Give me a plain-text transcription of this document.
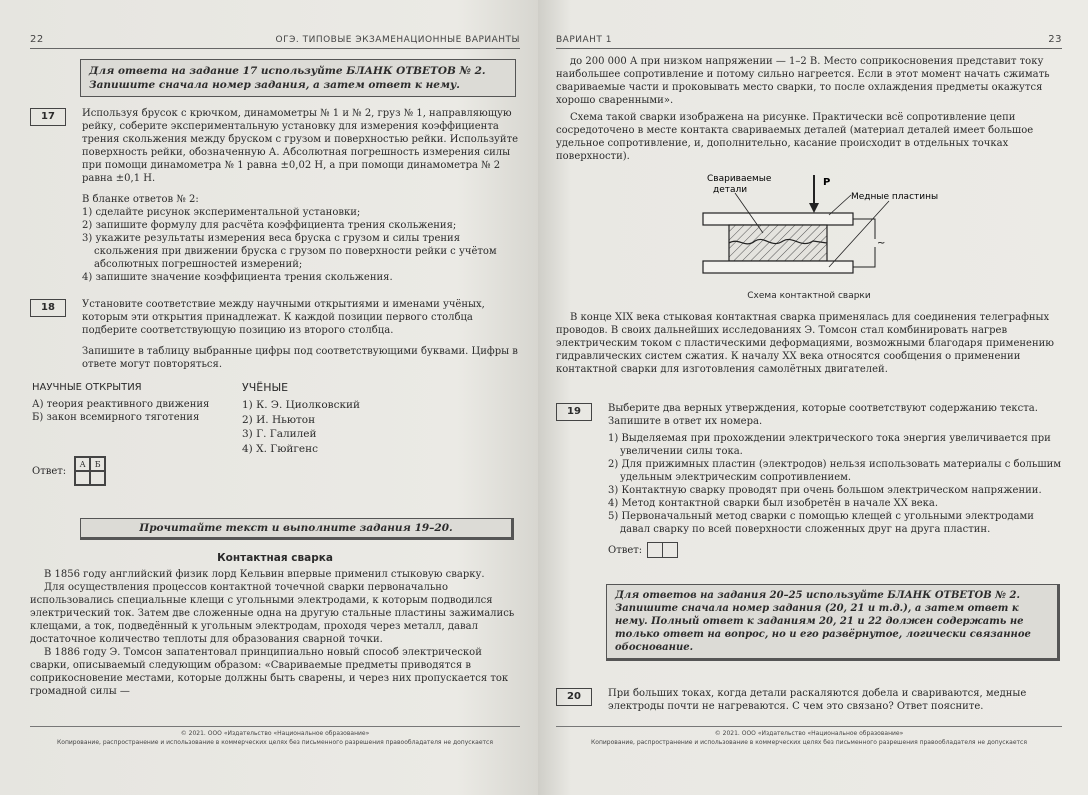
22	ОГЭ. ТИПОВЫЕ ЭКЗАМЕНАЦИОННЫЕ ВАРИАНТЫ
Для ответа на задание 17 используйте БЛАНК ОТВЕТОВ № 2. Запишите сначала номер задания, а затем ответ к нему.
17	Используя брусок с крючком, динамометры № 1 и № 2, груз № 1, направляющую рейку, соберите экспериментальную установку для измерения коэффициента трения скольжения между бруском с грузом и поверхностью рейки. Используйте поверхность рейки, обозначенную А. Абсолютная погрешность измерения силы при помощи динамометра № 1 равна ±0,02 Н, а при помощи динамометра № 2 равна ±0,1 Н.

В бланке ответов № 2:

1) сделайте рисунок экспериментальной установки;
2) запишите формулу для расчёта коэффициента трения скольжения;
3) укажите результаты измерения веса бруска с грузом и силы трения скольжения при движении бруска с грузом по поверхности рейки с учётом абсолютных погрешностей измерений;
4) запишите значение коэффициента трения скольжения.
18	Установите соответствие между научными открытиями и именами учёных, которым эти открытия принадлежат. К каждой позиции первого столбца подберите соответствующую позицию из второго столбца.

Запишите в таблицу выбранные цифры под соответствующими буквами. Цифры в ответе могут повторяться.

НАУЧНЫЕ ОТКРЫТИЯ
А) теория реактивного движения
Б) закон всемирного тяготения
УЧЁНЫЕ
1) К. Э. Циолковский
2) И. Ньютон
3) Г. Галилей
4) Х. Гюйгенс
Ответ:
А	Б
Прочитайте текст и выполните задания 19–20.
Контактная сварка

В 1856 году английский физик лорд Кельвин впервые применил стыковую сварку.

Для осуществления процессов контактной точечной сварки первоначально использовались специальные клещи с угольными электродами, к которым подводился электрический ток. Затем две сложенные одна на другую стальные пластины зажимались клещами, а ток, подведённый к угольным электродам, проходя через металл, давал достаточное количество теплоты для образования сварной точки.

В 1886 году Э. Томсон запатентовал принципиально новый способ электрической сварки, описываемый следующим образом: «Свариваемые предметы приводятся в соприкосновение местами, которые должны быть сварены, и через них пропускается ток громадной силы —

© 2021. ООО «Издательство «Национальное образование»
Копирование, распространение и использование в коммерческих целях без письменного разрешения правообладателя не допускается
ВАРИАНТ 1	23

до 200 000 А при низком напряжении — 1–2 В. Место соприкосновения представит току наибольшее сопротивление и потому сильно нагреется. Если в этот момент начать сжимать свариваемые части и проковывать место сварки, то после охлаждения предметы окажутся хорошо сваренными».

Схема такой сварки изображена на рисунке. Практически всё сопротивление цепи сосредоточено в месте контакта свариваемых деталей (материал деталей имеет большое удельное сопротивление, и, дополнительно, касание происходит в отдельных точках поверхности).

Свариваемые
детали
P
Медные пластины
~
Схема контактной сварки

В конце XIX века стыковая контактная сварка применялась для соединения телеграфных проводов. В своих дальнейших исследованиях Э. Томсон стал комбинировать нагрев электрическим током с пластическими деформациями, возможными благодаря применению гидравлических систем сжатия. К началу XX века относятся сообщения о применении контактной сварки для изготовления самолётных двигателей.

19	Выберите два верных утверждения, которые соответствуют содержанию текста. Запишите в ответ их номера.

1) Выделяемая при прохождении электрического тока энергия увеличивается при увеличении силы тока.
2) Для прижимных пластин (электродов) нельзя использовать материалы с большим удельным электрическим сопротивлением.
3) Контактную сварку проводят при очень большом электрическом напряжении.
4) Метод контактной сварки был изобретён в начале XX века.
5) Первоначальный метод сварки с помощью клещей с угольными электродами давал сварку по всей поверхности сложенных друг на друга пластин.
Ответ:
Для ответов на задания 20–25 используйте БЛАНК ОТВЕТОВ № 2. Запишите сначала номер задания (20, 21 и т.д.), а затем ответ к нему. Полный ответ к заданиям 20, 21 и 22 должен содержать не только ответ на вопрос, но и его развёрнутое, логически связанное обоснование.
20	При больших токах, когда детали раскаляются добела и свариваются, медные электроды почти не нагреваются. С чем это связано? Ответ поясните.

© 2021. ООО «Издательство «Национальное образование»
Копирование, распространение и использование в коммерческих целях без письменного разрешения правообладателя не допускается
